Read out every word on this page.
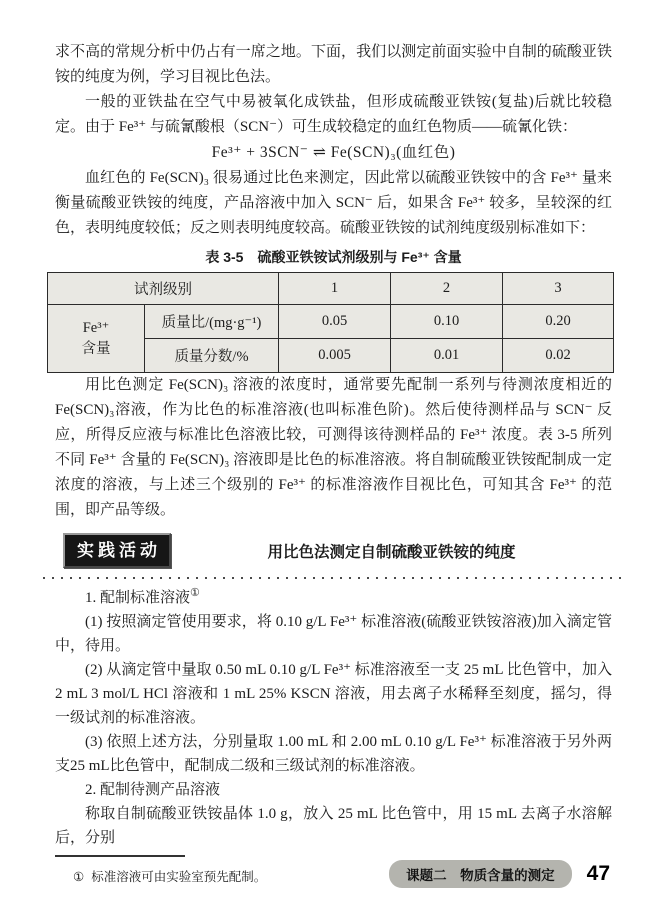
求不高的常规分析中仍占有一席之地。下面，我们以测定前面实验中自制的硫酸亚铁铵的纯度为例，学习目视比色法。

一般的亚铁盐在空气中易被氧化成铁盐，但形成硫酸亚铁铵(复盐)后就比较稳定。由于 Fe³⁺ 与硫氰酸根（SCN⁻）可生成较稳定的血红色物质——硫氰化铁：

Fe³⁺ + 3SCN⁻ ⇌ Fe(SCN)₃(血红色)

血红色的 Fe(SCN)₃ 很易通过比色来测定，因此常以硫酸亚铁铵中的含 Fe³⁺ 量来衡量硫酸亚铁铵的纯度，产品溶液中加入 SCN⁻ 后，如果含 Fe³⁺ 较多，呈较深的红色，表明纯度较低；反之则表明纯度较高。硫酸亚铁铵的试剂纯度级别标准如下：

表 3-5　硫酸亚铁铵试剂级别与 Fe³⁺ 含量
试剂级别		1	2	3
Fe³⁺
含量	质量比/(mg·g⁻¹)	0.05	0.10	0.20
	质量分数/%	0.005	0.01	0.02

用比色测定 Fe(SCN)₃ 溶液的浓度时，通常要先配制一系列与待测浓度相近的 Fe(SCN)₃溶液，作为比色的标准溶液(也叫标准色阶)。然后使待测样品与 SCN⁻ 反应，所得反应液与标准比色溶液比较，可测得该待测样品的 Fe³⁺ 浓度。表 3-5 所列不同 Fe³⁺ 含量的 Fe(SCN)₃ 溶液即是比色的标准溶液。将自制硫酸亚铁铵配制成一定浓度的溶液，与上述三个级别的 Fe³⁺ 的标准溶液作目视比色，可知其含 Fe³⁺ 的范围，即产品等级。

实践活动	用比色法测定自制硫酸亚铁铵的纯度

1. 配制标准溶液①

(1) 按照滴定管使用要求，将 0.10 g/L Fe³⁺ 标准溶液(硫酸亚铁铵溶液)加入滴定管中，待用。

(2) 从滴定管中量取 0.50 mL 0.10 g/L Fe³⁺ 标准溶液至一支 25 mL 比色管中，加入 2 mL 3 mol/L HCl 溶液和 1 mL 25% KSCN 溶液，用去离子水稀释至刻度，摇匀，得一级试剂的标准溶液。

(3) 依照上述方法，分别量取 1.00 mL 和 2.00 mL 0.10 g/L Fe³⁺ 标准溶液于另外两支25 mL比色管中，配制成二级和三级试剂的标准溶液。

2. 配制待测产品溶液

称取自制硫酸亚铁铵晶体 1.0 g，放入 25 mL 比色管中，用 15 mL 去离子水溶解后，分别

① 标准溶液可由实验室预先配制。	课题二　物质含量的测定	47
